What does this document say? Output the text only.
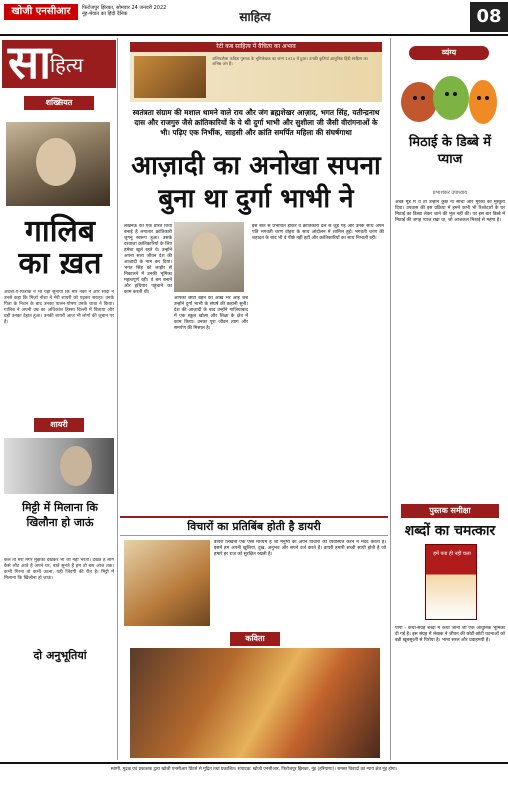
खोजी एनसीआर	फिरोजपुर झिरका, सोमवार 24 जनवरी 2022
नूंह-मेवात का हिंदी दैनिक	साहित्य	08
सा
हित्य
शख्सियत
गालिब का ख़त
अंदेशा:ए-फिराक ने भी यहां सुनाया कि मीर नकी ने और सौदा ने उनसे कहा कि मिर्ज़ा नौशा ने मेरी शायरी को पढ़कर सराहा। उनके पिता के निधन के बाद उनका पालन-पोषण उनके चाचा ने किया। ग़ालिब ने अपनी उम्र का अधिकांश हिस्सा दिल्ली में बिताया और वहीं उनका देहांत हुआ। उनकी शायरी आज भी लोगों की ज़ुबान पर है।
शायरी
मिट्टी में मिलाना कि खिलौना हो जाऊं
कल तो मेरा मगर मुझको देखकर भी जी नहीं भरता। देखते हैं लोग कैसे लौट आते हैं अपने घर, बातें सुनते हैं हम तो बस आज तक। कभी गिरना तो कभी उठना, यही जिंदगी की रीत है। मिट्टी में मिलाना कि खिलौना हो जाऊं।
रेटी कब साहित्य में वैचित्य का अभाव
अलिफलैला कविता पुस्तक के भूमिलेखक का जन्म 1910 में हुआ। उनकी कृतियां आधुनिक हिंदी साहित्य का अभिन्न अंग हैं।
स्वतंत्रता संग्राम की मशाल थामने वाले राय और जंग ब्रह्मशेखर आज़ाद, भगत सिंह, यतीन्द्रनाथ दास और राजगुरु जैसे क्रांतिकारियों के ये थी दुर्गा भाभी और सुशीला जी जैसी वीरांगनाओं के भी। पढ़िए एक निर्भीक, साहसी और क्रांति समर्पित महिला की संघर्षगाथा
आज़ादी का अनोखा सपना बुना था दुर्गा भाभी ने
लखनऊ की एक प्रेरित विधा बनाई है लगातार क्रांतिकारी जुगनू स्वरूप हुआ। उसके दरवाजा क्रांतिकारियों के लिए हमेशा खुले रहते थे। उन्होंने अपना सारा जीवन देश की आज़ादी के नाम कर दिया। भगत सिंह को लाहौर से निकालने में उनकी भूमिका महत्वपूर्ण रही। वे बम बनाने और हथियार पहुंचाने का काम करती थीं।
आपकी छोटी बहन की आंखें भर आईं जब उन्होंने दुर्गा भाभी के संघर्ष की कहानी सुनी। देश की आज़ादी के बाद उन्होंने गाज़ियाबाद में एक स्कूल खोला और शिक्षा के क्षेत्र में काम किया। उनका पूरा जीवन त्याग और समर्पण की मिसाल है।
इस बात से प्रभावित होकर वे क्रांतिकारी दल से जुड़ गईं और उनके साथ अपने पति भगवती चरण वोहरा के साथ आंदोलन में शामिल हुईं। भगवती चरण की शहादत के बाद भी वे पीछे नहीं हटीं और क्रांतिकारियों का साथ निभाती रहीं।
विचारों का प्रतिबिंब होती है डायरी
डायरी लिखना एक ऐसा माध्यम है जो मनुष्य को अपने विचारों को व्यवस्थित करने में मदद करता है। इसमें हम अपनी खुशियां, दुख, अनुभव और सपने दर्ज करते हैं। डायरी हमारी सच्ची साथी होती है जो हमारे हर राज़ को सुरक्षित रखती है।
कविता
दो अनुभूतियां
व्यंग्य
मिठाई के डिब्बे में प्याज
प्रभाशंकर उपाध्याय
अच्छे मूड में थे तो उन्होंने कुछ ना सोचा और मुरेकों को मुस्कुरा दिया। उपवास की इस प्रक्रिया में हमने कभी भी रिश्तेदारों के घर मिठाई का डिब्बा लेकर जाने की भूल नहीं की। पर इस बार डिब्बे में मिठाई की जगह प्याज रखा था, जो आजकल मिठाई से महंगा है।
पुस्तक समीक्षा
शब्दों का चमत्कार
हमें पता ही नहीं चला
पीपी - कथा-संग्रह शब्दों में कथा जाना जो एक आधुनिक भूमिका दी गई है। इस संग्रह में लेखक ने जीवन की छोटी-छोटी घटनाओं को बड़ी खूबसूरती से पिरोया है। भाषा सरल और प्रवाहमयी है।
स्वामी, मुद्रक एवं प्रकाशक द्वारा खोजी एनसीआर प्रिंटर्स से मुद्रित तथा प्रकाशित। संपादक: खोजी एनसीआर, फिरोजपुर झिरका, नूंह (हरियाणा)। समस्त विवादों का न्याय क्षेत्र नूंह होगा।
